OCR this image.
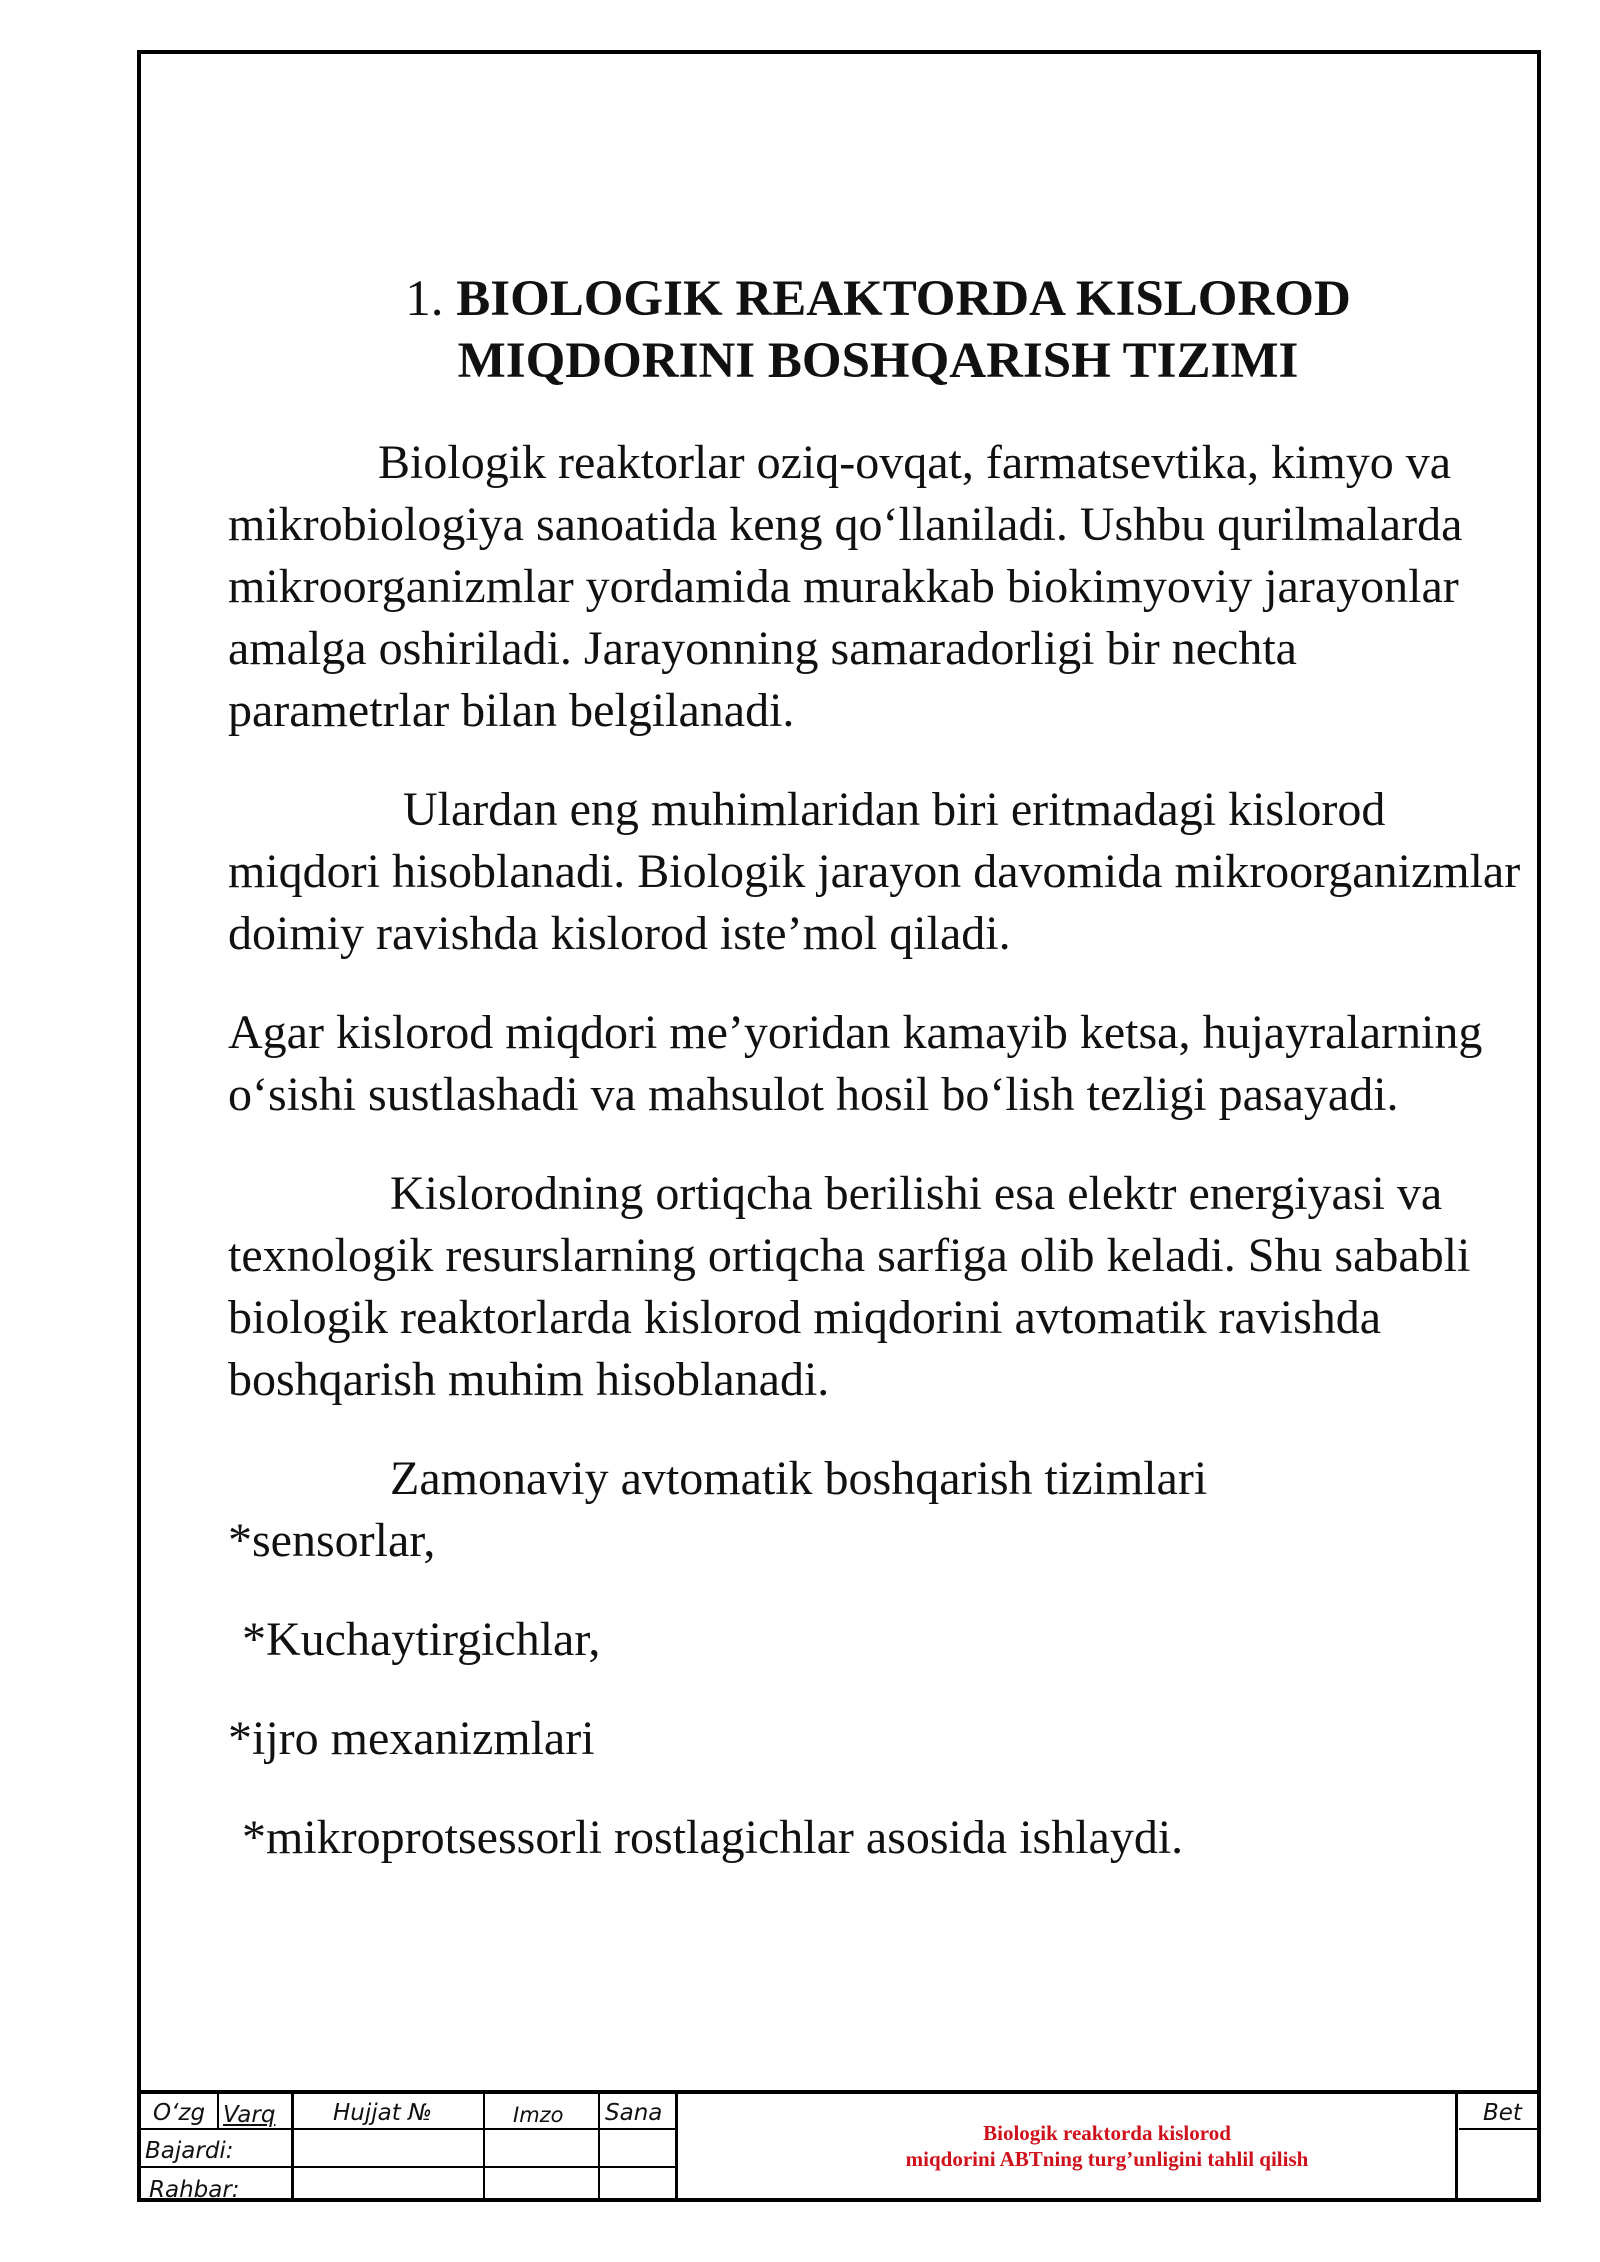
1. BIOLOGIK REAKTORDA KISLOROD
MIQDORINI BOSHQARISH TIZIMI

Biologik reaktorlar oziq-ovqat, farmatsevtika, kimyo va mikrobiologiya sanoatida keng qo‘llaniladi. Ushbu qurilmalarda mikroorganizmlar yordamida murakkab biokimyoviy jarayonlar amalga oshiriladi. Jarayonning samaradorligi bir nechta parametrlar bilan belgilanadi.

Ulardan eng muhimlaridan biri eritmadagi kislorod miqdori hisoblanadi. Biologik jarayon davomida mikroorganizmlar doimiy ravishda kislorod iste’mol qiladi.

Agar kislorod miqdori me’yoridan kamayib ketsa, hujayralarning o‘sishi sustlashadi va mahsulot hosil bo‘lish tezligi pasayadi.

Kislorodning ortiqcha berilishi esa elektr energiyasi va texnologik resurslarning ortiqcha sarfiga olib keladi. Shu sababli biologik reaktorlarda kislorod miqdorini avtomatik ravishda boshqarish muhim hisoblanadi.

Zamonaviy avtomatik boshqarish tizimlari
*sensorlar,

*Kuchaytirgichlar,

*ijro mexanizmlari

*mikroprotsessorli rostlagichlar asosida ishlaydi.

O‘zg Varq	Hujjat №	Imzo Sana
Bajardi:
Rahbar:
Biologik reaktorda kislorod
miqdorini ABTning turg’unligini tahlil qilish
Bet
